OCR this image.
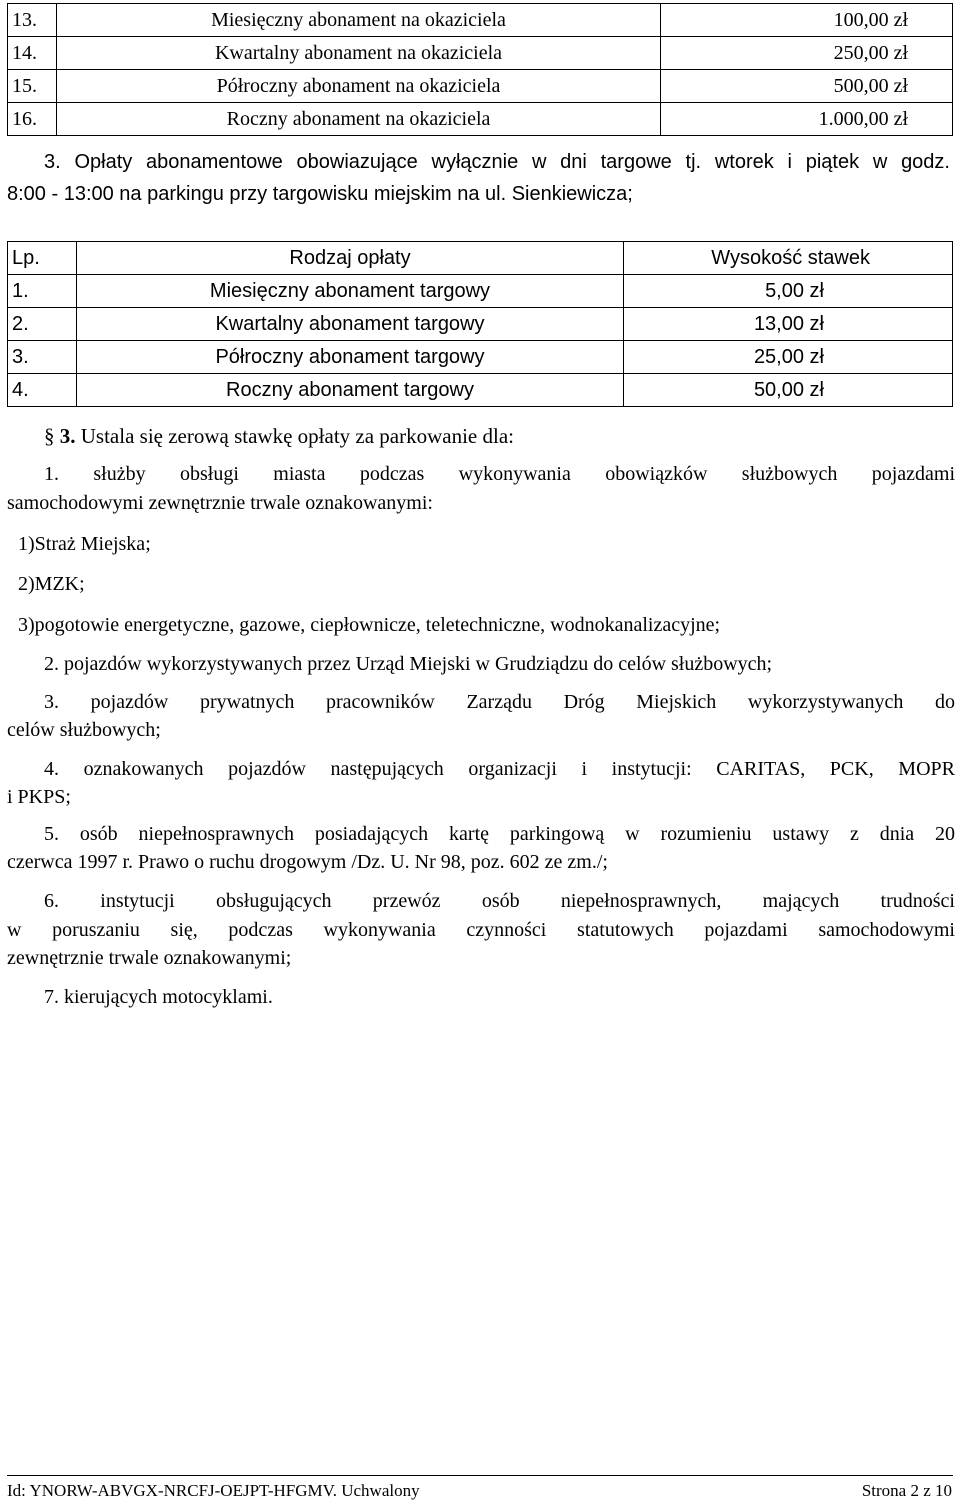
13.	Miesięczny abonament na okaziciela	100,00 zł
14.	Kwartalny abonament na okaziciela	250,00 zł
15.	Półroczny abonament na okaziciela	500,00 zł
16.	Roczny abonament na okaziciela	1.000,00 zł

3. Opłaty abonamentowe obowiazujące wyłącznie w dni targowe tj. wtorek i piątek w godz.

8:00 - 13:00 na parkingu przy targowisku miejskim na ul. Sienkiewicza;

Lp.	Rodzaj opłaty	Wysokość stawek
1.	Miesięczny abonament targowy	5,00 zł
2.	Kwartalny abonament targowy	13,00 zł
3.	Półroczny abonament targowy	25,00 zł
4.	Roczny abonament targowy	50,00 zł

§ 3. Ustala się zerową stawkę opłaty za parkowanie dla:

1. służby obsługi miasta podczas wykonywania obowiązków służbowych pojazdami

samochodowymi zewnętrznie trwale oznakowanymi:

1)Straż Miejska;

2)MZK;

3)pogotowie energetyczne, gazowe, ciepłownicze, teletechniczne, wodnokanalizacyjne;

2. pojazdów wykorzystywanych przez Urząd Miejski w Grudziądzu do celów służbowych;

3. pojazdów prywatnych pracowników Zarządu Dróg Miejskich wykorzystywanych do

celów służbowych;

4. oznakowanych pojazdów następujących organizacji i instytucji: CARITAS, PCK, MOPR

i PKPS;

5. osób niepełnosprawnych posiadających kartę parkingową w rozumieniu ustawy z dnia 20

czerwca 1997 r. Prawo o ruchu drogowym /Dz. U. Nr 98, poz. 602 ze zm./;

6. instytucji obsługujących przewóz osób niepełnosprawnych, mających trudności

w poruszaniu się, podczas wykonywania czynności statutowych pojazdami samochodowymi

zewnętrznie trwale oznakowanymi;

7. kierujących motocyklami.

Id: YNORW-ABVGX-NRCFJ-OEJPT-HFGMV. Uchwalony	Strona 2 z 10
